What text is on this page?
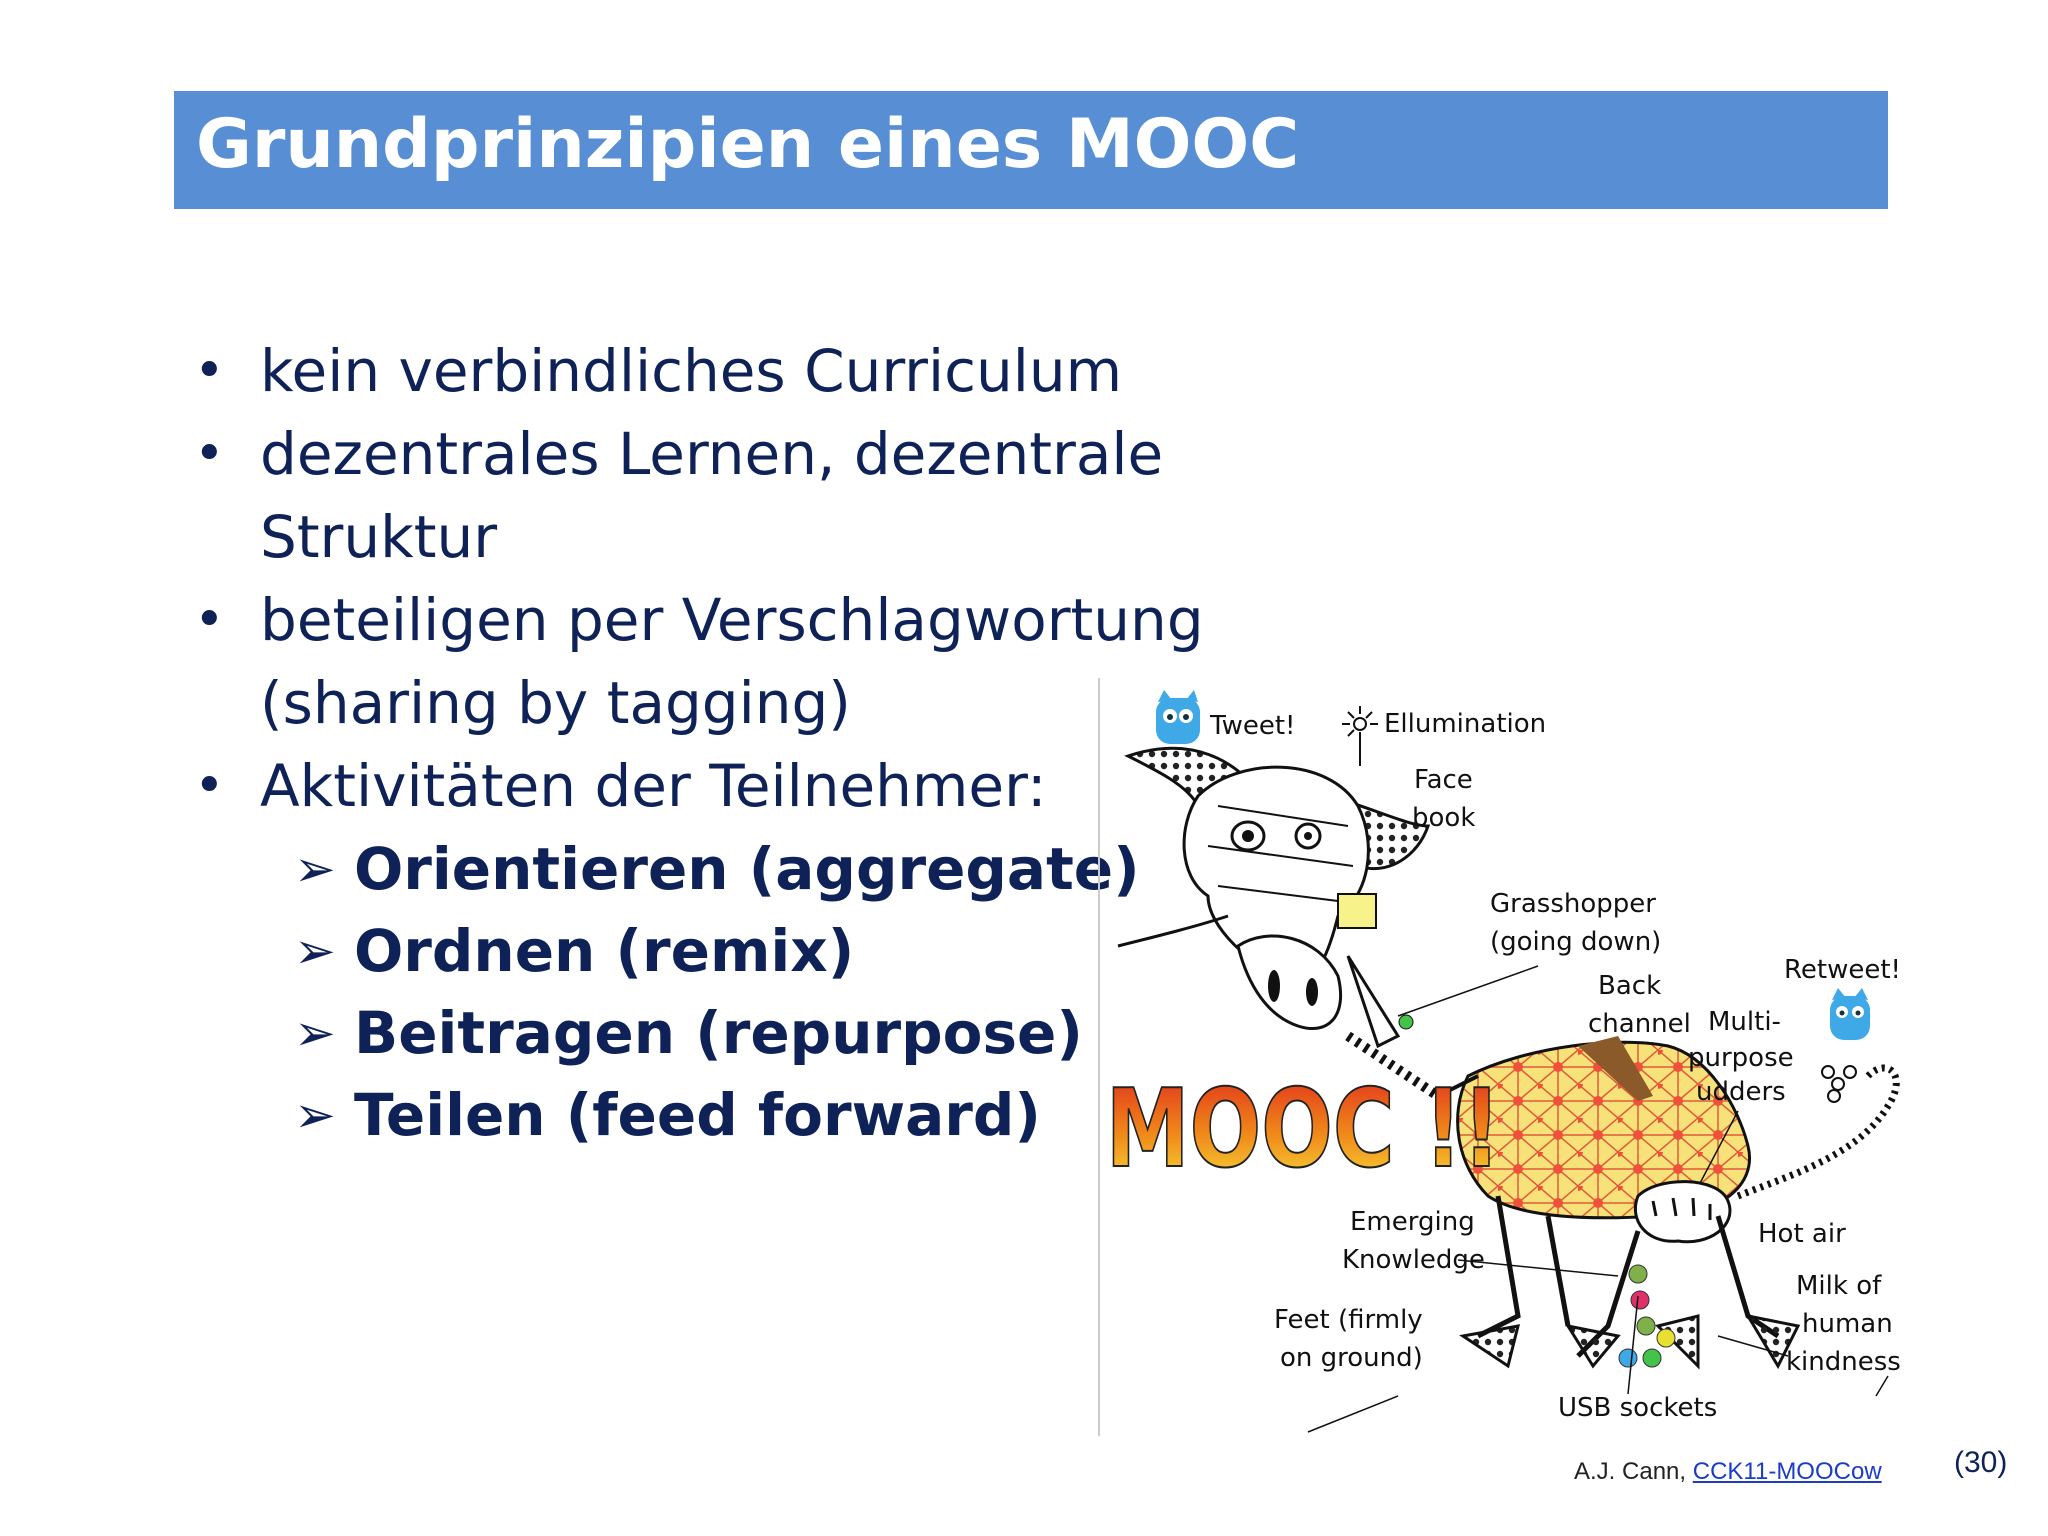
Grundprinzipien eines MOOC
• kein verbindliches Curriculum
• dezentrales Lernen, dezentrale
Struktur
• beteiligen per Verschlagwortung
(sharing by tagging)
• Aktivitäten der Teilnehmer:
➢ Orientieren (aggregate)
➢ Ordnen (remix)
➢ Beitragen (repurpose)
➢ Teilen (feed forward)
Tweet!	Ellumination
Face
book
Grasshopper
(going down)
Back
channel Multi-
purpose
udders
Retweet!
MOOC !!
Emerging
Knowledge
Hot air
Feet (firmly
on ground)
Milk of
human
kindness
USB sockets
A.J. Cann, CCK11-MOOCow (30)
